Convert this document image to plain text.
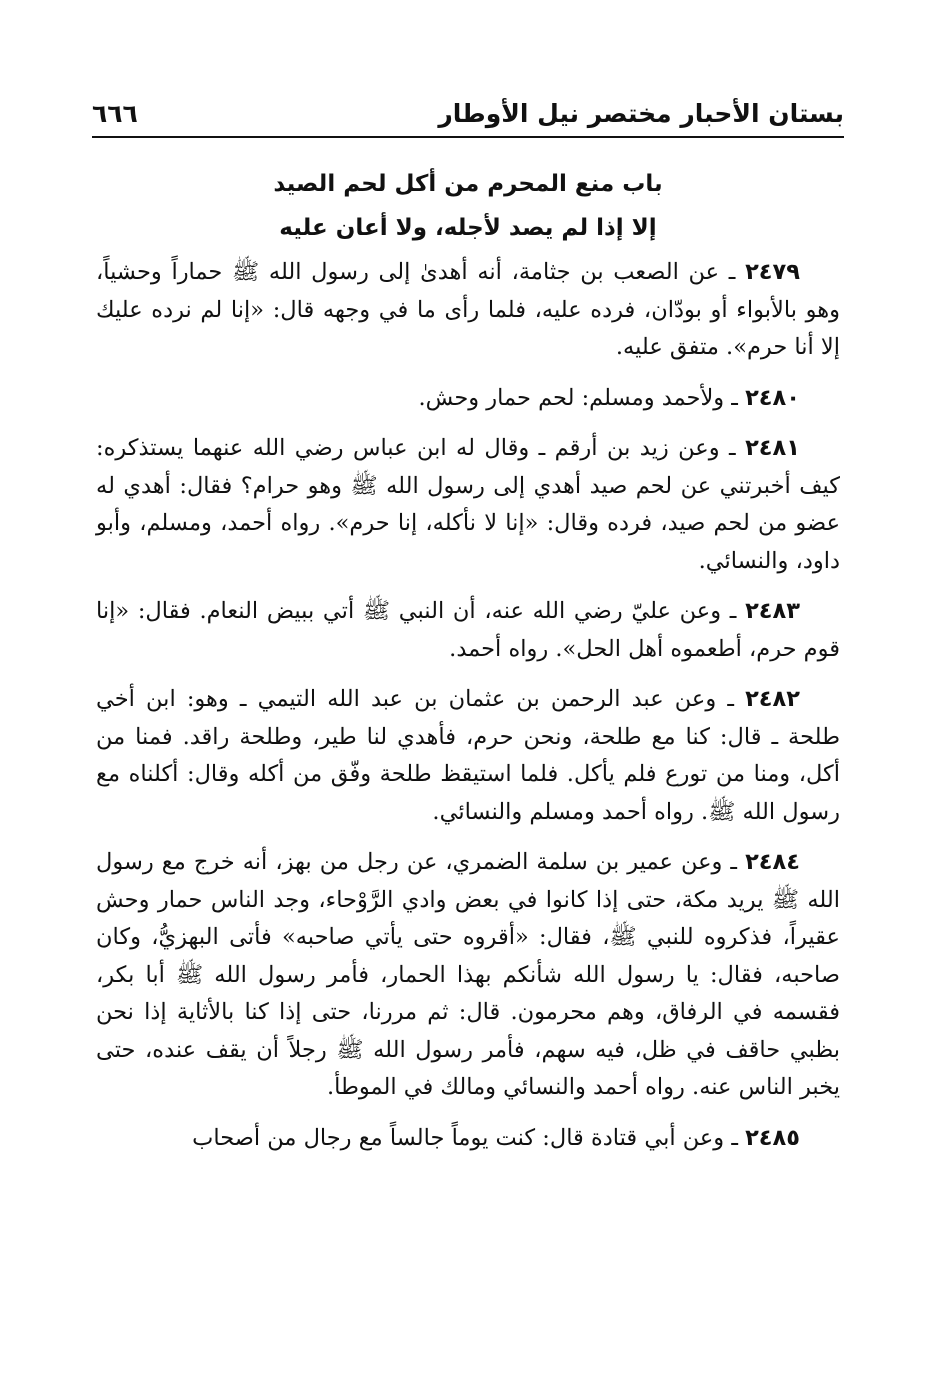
بستان الأحبار مختصر نيل الأوطار
٦٦٦
باب منع المحرم من أكل لحم الصيد
إلا إذا لم يصد لأجله، ولا أعان عليه

٢٤٧٩ ـ عن الصعب بن جثامة، أنه أهدىٰ إلى رسول الله ﷺ حماراً وحشياً، وهو بالأبواء أو بودّان، فرده عليه، فلما رأى ما في وجهه قال: «إنا لم نرده عليك إلا أنا حرم». متفق عليه.

٢٤٨٠ ـ ولأحمد ومسلم: لحم حمار وحش.

٢٤٨١ ـ وعن زيد بن أرقم ـ وقال له ابن عباس رضي الله عنهما يستذكره: كيف أخبرتني عن لحم صيد أهدي إلى رسول الله ﷺ وهو حرام؟ فقال: أهدي له عضو من لحم صيد، فرده وقال: «إنا لا نأكله، إنا حرم». رواه أحمد، ومسلم، وأبو داود، والنسائي.

٢٤٨٣ ـ وعن عليّ رضي الله عنه، أن النبي ﷺ أتي ببيض النعام. فقال: «إنا قوم حرم، أطعموه أهل الحل». رواه أحمد.

٢٤٨٢ ـ وعن عبد الرحمن بن عثمان بن عبد الله التيمي ـ وهو: ابن أخي طلحة ـ قال: كنا مع طلحة، ونحن حرم، فأهدي لنا طير، وطلحة راقد. فمنا من أكل، ومنا من تورع فلم يأكل. فلما استيقظ طلحة وفّق من أكله وقال: أكلناه مع رسول الله ﷺ. رواه أحمد ومسلم والنسائي.

٢٤٨٤ ـ وعن عمير بن سلمة الضمري، عن رجل من بهز، أنه خرج مع رسول الله ﷺ يريد مكة، حتى إذا كانوا في بعض وادي الرَّوْحاء، وجد الناس حمار وحش عقيراً، فذكروه للنبي ﷺ، فقال: «أقروه حتى يأتي صاحبه» فأتى البهزيُّ، وكان صاحبه، فقال: يا رسول الله شأنكم بهذا الحمار، فأمر رسول الله ﷺ أبا بكر، فقسمه في الرفاق، وهم محرمون. قال: ثم مررنا، حتى إذا كنا بالأثاية إذا نحن بظبي حاقف في ظل، فيه سهم، فأمر رسول الله ﷺ رجلاً أن يقف عنده، حتى يخبر الناس عنه. رواه أحمد والنسائي ومالك في الموطأ.

٢٤٨٥ ـ وعن أبي قتادة قال: كنت يوماً جالساً مع رجال من أصحاب
